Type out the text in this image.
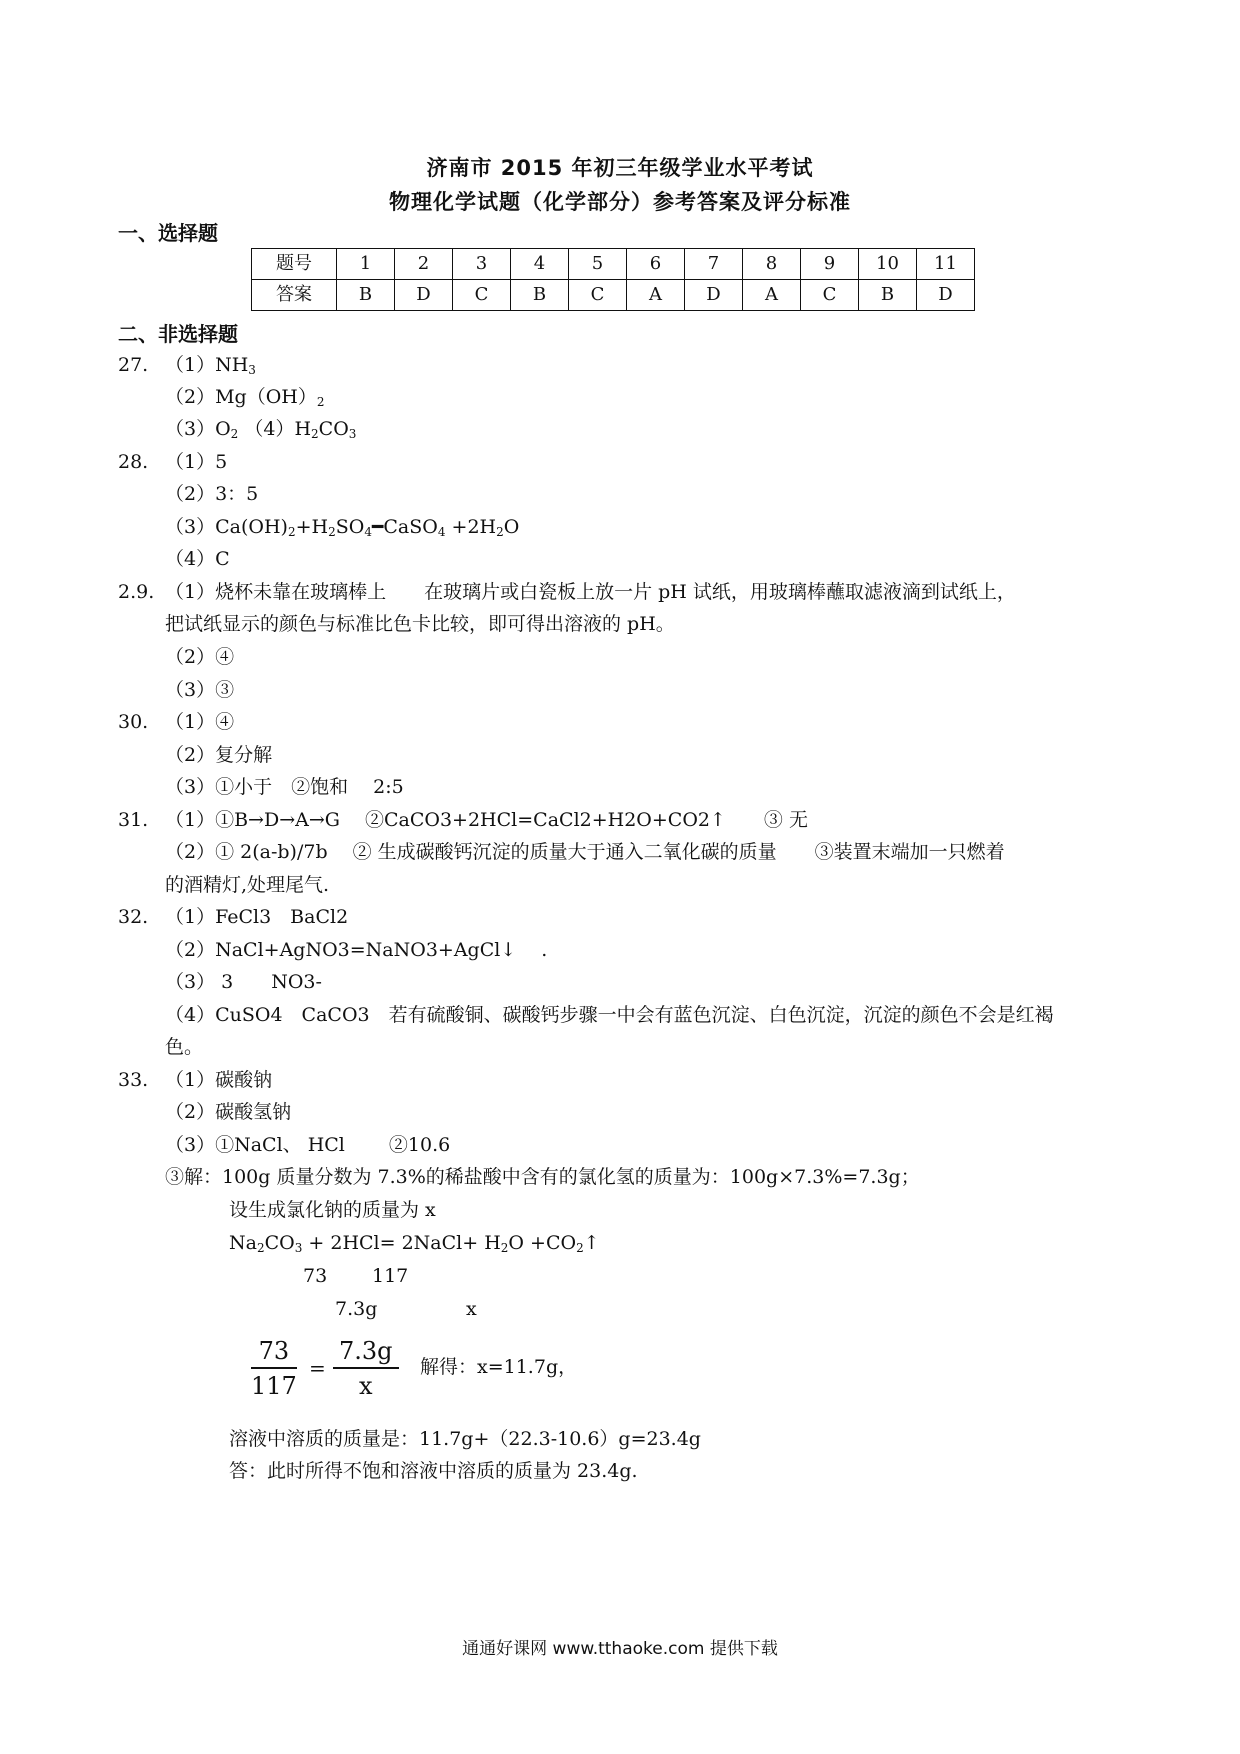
济南市 2015 年初三年级学业水平考试
物理化学试题（化学部分）参考答案及评分标准
一、选择题
题号	1	2	3	4	5	6	7	8	9	10	11
答案	B	D	C	B	C	A	D	A	C	B	D
二、非选择题
27. $(1)NH_3$
$(2)Mg(OH)_2$
$(3)O_2$ $(4)H_2CO_3$
28. （1）5
（2）3：5
$(3)Ca(OH)_2+H_2SO_4━CaSO_4 +2H_2O$
（4）C
2.9. （1）烧杯未靠在玻璃棒上　　在玻璃片或白瓷板上放一片 pH 试纸，用玻璃棒蘸取滤液滴到试纸上，
把试纸显示的颜色与标准比色卡比较，即可得出溶液的 pH。
（2）④
（3）③
30. （1）④
（2）复分解
（3）①小于　②饱和　 2:5
31. （1）①B→D→A→G　 ②CaCO3+2HCl=CaCl2+H2O+CO2↑　　③ 无
（2）① 2(a-b)/7b　 ② 生成碳酸钙沉淀的质量大于通入二氧化碳的质量　　③装置末端加一只燃着
的酒精灯,处理尾气.
32. （1）FeCl3　BaCl2
（2）NaCl+AgNO3=NaNO3+AgCl↓　 .
（3） 3　　NO3-
（4）CuSO4　CaCO3　若有硫酸铜、碳酸钙步骤一中会有蓝色沉淀、白色沉淀，沉淀的颜色不会是红褐
色。
33. （1）碳酸钠
（2）碳酸氢钠
（3）①NaCl、 HCl　　 ②10.6
③解：100g 质量分数为 7.3%的稀盐酸中含有的氯化氢的质量为：100g×7.3%=7.3g；
设生成氯化钠的质量为 x
$Na_2CO_3 + 2HCl=$ 2NaCl+ $H_2O$ $+CO_2↑$
73 117
7.3g	x
73
117
=
7.3g
x
解得：x=11.7g，
溶液中溶质的质量是：11.7g+（22.3-10.6）g=23.4g
答：此时所得不饱和溶液中溶质的质量为 23.4g.
通通好课网 www.tthaoke.com 提供下载
